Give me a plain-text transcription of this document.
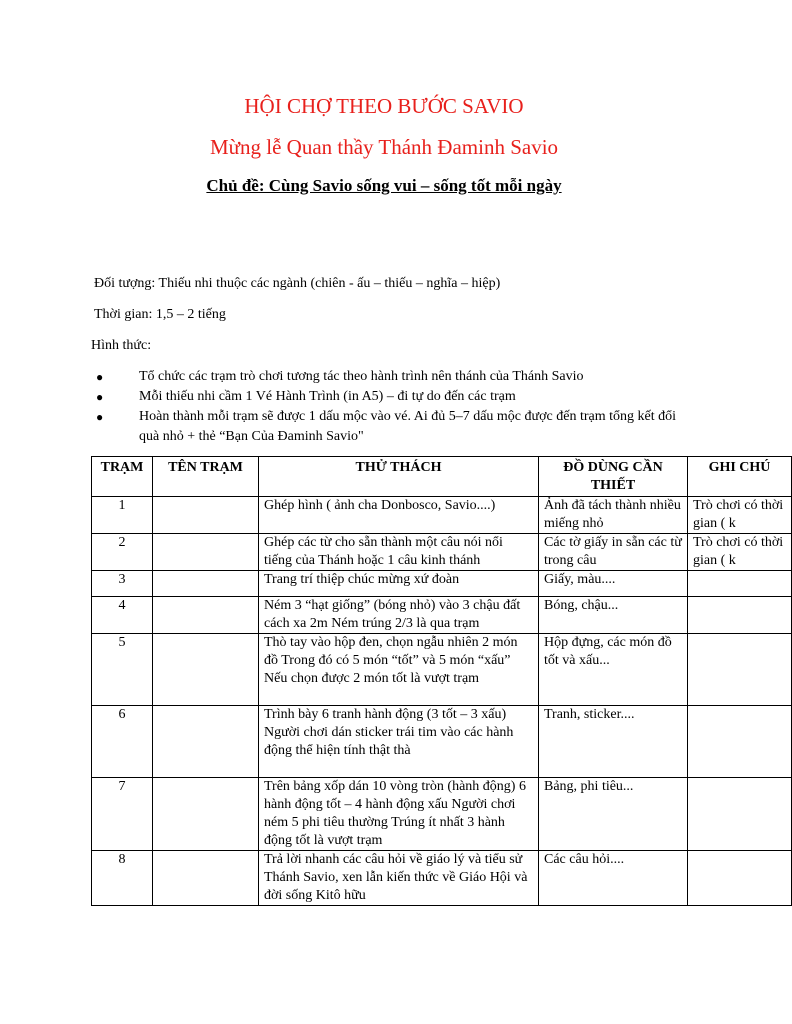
HỘI CHỢ THEO BƯỚC SAVIO
Mừng lễ Quan thầy Thánh Đaminh Savio
Chủ đề: Cùng Savio sống vui – sống tốt mỗi ngày
Đối tượng: Thiếu nhi thuộc các ngành (chiên - ấu – thiếu – nghĩa – hiệp)
Thời gian: 1,5 – 2 tiếng
Hình thức:
●	Tổ chức các trạm trò chơi tương tác theo hành trình nên thánh của Thánh Savio
●	Mỗi thiếu nhi cầm 1 Vé Hành Trình (in A5) – đi tự do đến các trạm
●	Hoàn thành mỗi trạm sẽ được 1 dấu mộc vào vé. Ai đủ 5–7 dấu mộc được đến trạm tổng kết đổi quà nhỏ + thẻ “Bạn Của Đaminh Savio"
TRẠM	TÊN TRẠM	THỬ THÁCH	ĐỒ DÙNG CẦN THIẾT	GHI CHÚ
1		Ghép hình ( ảnh cha Donbosco, Savio....)	Ảnh đã tách thành nhiều miếng nhỏ	Trò chơi có thời gian ( k
2		Ghép các từ cho sẵn thành một câu nói nổi tiếng của Thánh hoặc 1 câu kinh thánh	Các tờ giấy in sẵn các từ trong câu	Trò chơi có thời gian ( k
3		Trang trí thiệp chúc mừng xứ đoàn	Giấy, màu....	
4		Ném 3 “hạt giống” (bóng nhỏ) vào 3 chậu đất cách xa 2m Ném trúng 2/3 là qua trạm	Bóng, chậu...	
5		Thò tay vào hộp đen, chọn ngẫu nhiên 2 món đồ Trong đó có 5 món “tốt” và 5 món “xấu” Nếu chọn được 2 món tốt là vượt trạm	Hộp đựng, các món đồ tốt và xấu...	
6		Trình bày 6 tranh hành động (3 tốt – 3 xấu) Người chơi dán sticker trái tim vào các hành động thể hiện tính thật thà	Tranh, sticker....	
7		Trên bảng xốp dán 10 vòng tròn (hành động) 6 hành động tốt – 4 hành động xấu Người chơi ném 5 phi tiêu thường Trúng ít nhất 3 hành động tốt là vượt trạm	Bảng, phi tiêu...	
8		Trả lời nhanh các câu hỏi về giáo lý và tiểu sử Thánh Savio, xen lẫn kiến thức về Giáo Hội và đời sống Kitô hữu	Các câu hỏi....	
